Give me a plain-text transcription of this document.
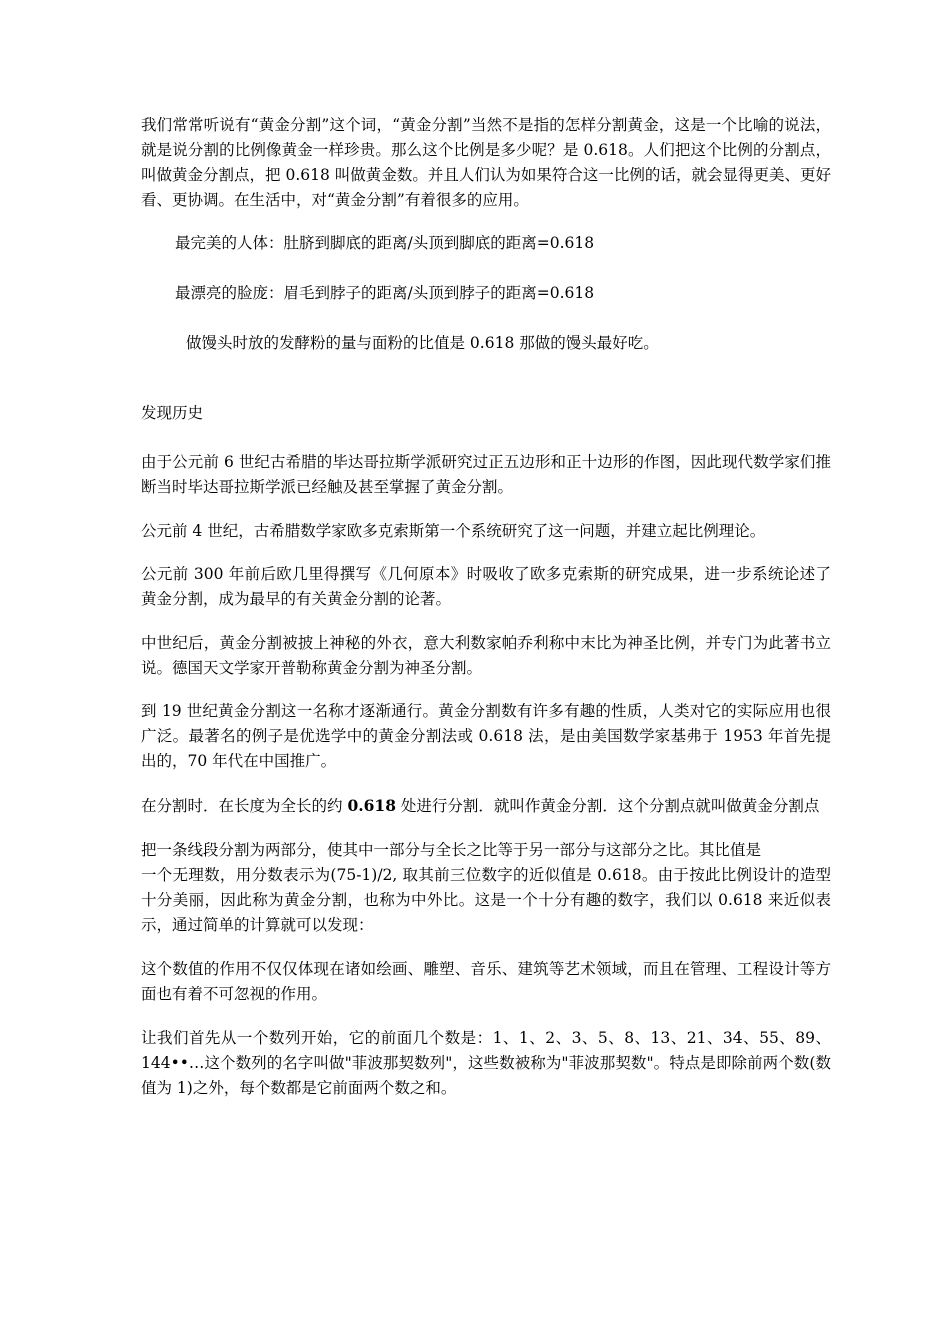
我们常常听说有“黄金分割”这个词，“黄金分割”当然不是指的怎样分割黄金，这是一个比喻的说法，就是说分割的比例像黄金一样珍贵。那么这个比例是多少呢？是 0.618。人们把这个比例的分割点，叫做黄金分割点，把 0.618 叫做黄金数。并且人们认为如果符合这一比例的话，就会显得更美、更好看、更协调。在生活中，对“黄金分割”有着很多的应用。

最完美的人体：肚脐到脚底的距离/头顶到脚底的距离=0.618

最漂亮的脸庞：眉毛到脖子的距离/头顶到脖子的距离=0.618

做馒头时放的发酵粉的量与面粉的比值是 0.618 那做的馒头最好吃。

发现历史

由于公元前 6 世纪古希腊的毕达哥拉斯学派研究过正五边形和正十边形的作图，因此现代数学家们推断当时毕达哥拉斯学派已经触及甚至掌握了黄金分割。

公元前 4 世纪，古希腊数学家欧多克索斯第一个系统研究了这一问题，并建立起比例理论。

公元前 300 年前后欧几里得撰写《几何原本》时吸收了欧多克索斯的研究成果，进一步系统论述了黄金分割，成为最早的有关黄金分割的论著。

中世纪后，黄金分割被披上神秘的外衣，意大利数家帕乔利称中末比为神圣比例，并专门为此著书立说。德国天文学家开普勒称黄金分割为神圣分割。

到 19 世纪黄金分割这一名称才逐渐通行。黄金分割数有许多有趣的性质，人类对它的实际应用也很广泛。最著名的例子是优选学中的黄金分割法或 0.618 法，是由美国数学家基弗于 1953 年首先提出的，70 年代在中国推广。

在分割时．在长度为全长的约 0.618 处进行分割．就叫作黄金分割．这个分割点就叫做黄金分割点

把一条线段分割为两部分，使其中一部分与全长之比等于另一部分与这部分之比。其比值是
一个无理数，用分数表示为(75-1)/2, 取其前三位数字的近似值是 0.618。由于按此比例设计的造型十分美丽，因此称为黄金分割，也称为中外比。这是一个十分有趣的数字，我们以 0.618 来近似表示，通过简单的计算就可以发现：

这个数值的作用不仅仅体现在诸如绘画、雕塑、音乐、建筑等艺术领域，而且在管理、工程设计等方面也有着不可忽视的作用。

让我们首先从一个数列开始，它的前面几个数是：1、1、2、3、5、8、13、21、34、55、89、144••…这个数列的名字叫做"菲波那契数列"，这些数被称为"菲波那契数"。特点是即除前两个数(数值为 1)之外，每个数都是它前面两个数之和。
